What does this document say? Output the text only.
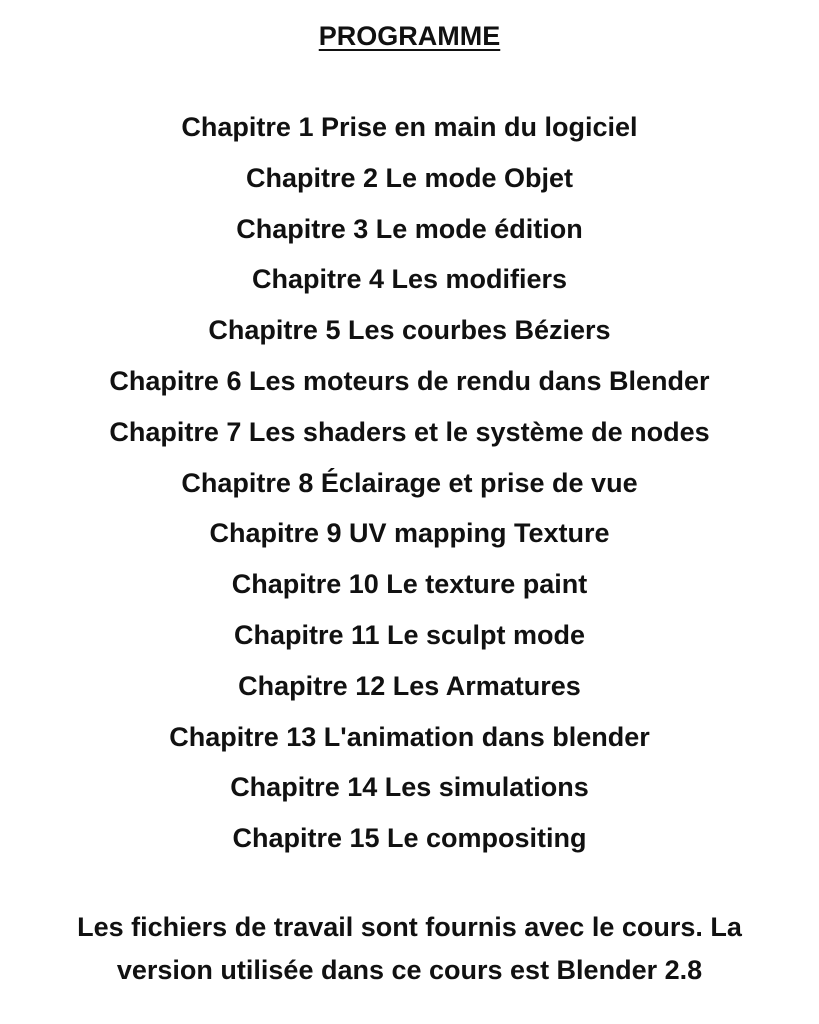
PROGRAMME
Chapitre 1 Prise en main du logiciel
Chapitre 2 Le mode Objet
Chapitre 3 Le mode édition
Chapitre 4 Les modifiers
Chapitre 5 Les courbes Béziers
Chapitre 6 Les moteurs de rendu dans Blender
Chapitre 7 Les shaders et le système de nodes
Chapitre 8 Éclairage et prise de vue
Chapitre 9 UV mapping Texture
Chapitre 10 Le texture paint
Chapitre 11 Le sculpt mode
Chapitre 12 Les Armatures
Chapitre 13 L'animation dans blender
Chapitre 14 Les simulations
Chapitre 15 Le compositing

Les fichiers de travail sont fournis avec le cours. La
version utilisée dans ce cours est Blender 2.8
